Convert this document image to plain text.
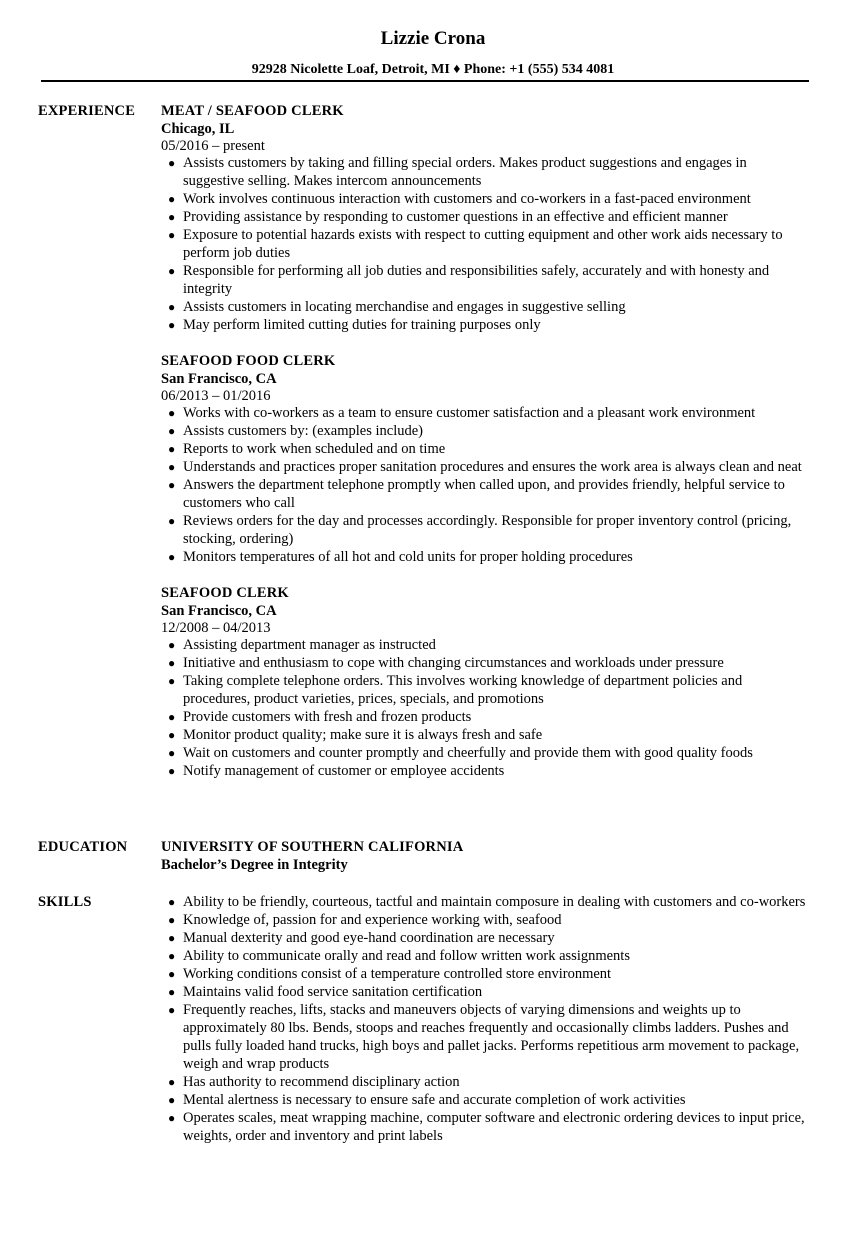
Lizzie Crona
92928 Nicolette Loaf, Detroit, MI ♦ Phone: +1 (555) 534 4081
EXPERIENCE MEAT / SEAFOOD CLERK
Chicago, IL
05/2016 – present
● Assists customers by taking and filling special orders. Makes product suggestions and engages in suggestive selling. Makes intercom announcements
● Work involves continuous interaction with customers and co-workers in a fast-paced environment
● Providing assistance by responding to customer questions in an effective and efficient manner
● Exposure to potential hazards exists with respect to cutting equipment and other work aids necessary to perform job duties
● Responsible for performing all job duties and responsibilities safely, accurately and with honesty and integrity
● Assists customers in locating merchandise and engages in suggestive selling
● May perform limited cutting duties for training purposes only
SEAFOOD FOOD CLERK
San Francisco, CA
06/2013 – 01/2016
● Works with co-workers as a team to ensure customer satisfaction and a pleasant work environment
● Assists customers by: (examples include)
● Reports to work when scheduled and on time
● Understands and practices proper sanitation procedures and ensures the work area is always clean and neat
● Answers the department telephone promptly when called upon, and provides friendly, helpful service to customers who call
● Reviews orders for the day and processes accordingly. Responsible for proper inventory control (pricing, stocking, ordering)
● Monitors temperatures of all hot and cold units for proper holding procedures
SEAFOOD CLERK
San Francisco, CA
12/2008 – 04/2013
● Assisting department manager as instructed
● Initiative and enthusiasm to cope with changing circumstances and workloads under pressure
● Taking complete telephone orders. This involves working knowledge of department policies and procedures, product varieties, prices, specials, and promotions
● Provide customers with fresh and frozen products
● Monitor product quality; make sure it is always fresh and safe
● Wait on customers and counter promptly and cheerfully and provide them with good quality foods
● Notify management of customer or employee accidents
EDUCATION UNIVERSITY OF SOUTHERN CALIFORNIA
Bachelor’s Degree in Integrity
SKILLS	● Ability to be friendly, courteous, tactful and maintain composure in dealing with customers and co-workers
● Knowledge of, passion for and experience working with, seafood
● Manual dexterity and good eye-hand coordination are necessary
● Ability to communicate orally and read and follow written work assignments
● Working conditions consist of a temperature controlled store environment
● Maintains valid food service sanitation certification
● Frequently reaches, lifts, stacks and maneuvers objects of varying dimensions and weights up to approximately 80 lbs. Bends, stoops and reaches frequently and occasionally climbs ladders. Pushes and pulls fully loaded hand trucks, high boys and pallet jacks. Performs repetitious arm movement to package, weigh and wrap products
● Has authority to recommend disciplinary action
● Mental alertness is necessary to ensure safe and accurate completion of work activities
● Operates scales, meat wrapping machine, computer software and electronic ordering devices to input price, weights, order and inventory and print labels
